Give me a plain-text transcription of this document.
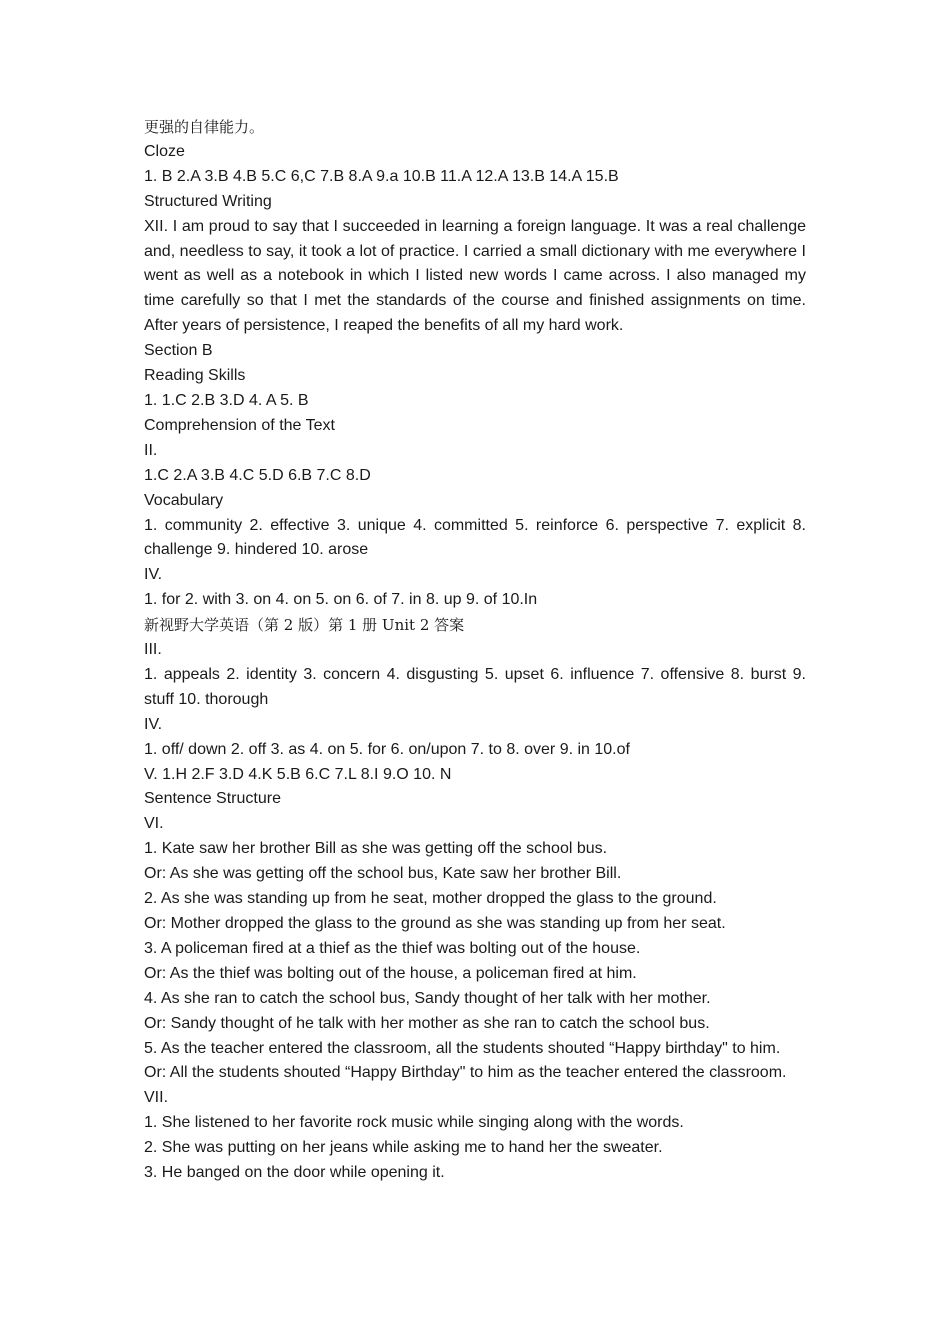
更强的自律能力。
Cloze
1. B 2.A 3.B 4.B 5.C 6,C 7.B 8.A 9.a 10.B 11.A 12.A 13.B 14.A 15.B
Structured Writing
XII. I am proud to say that I succeeded in learning a foreign language. It was a real challenge and, needless to say, it took a lot of practice. I carried a small dictionary with me everywhere I went as well as a notebook in which I listed new words I came across. I also managed my time carefully so that I met the standards of the course and finished assignments on time. After years of persistence, I reaped the benefits of all my hard work.
Section B
Reading Skills
1. 1.C 2.B 3.D 4. A 5. B
Comprehension of the Text
II.
1.C 2.A 3.B 4.C 5.D 6.B 7.C 8.D
Vocabulary
1. community 2. effective 3. unique 4. committed 5. reinforce 6. perspective 7. explicit 8. challenge 9. hindered 10. arose
IV.
1. for 2. with 3. on 4. on 5. on 6. of 7. in 8. up 9. of 10.In
新视野大学英语（第 2 版）第 1 册 Unit 2 答案
III.
1. appeals 2. identity 3. concern 4. disgusting 5. upset 6. influence 7. offensive 8. burst 9. stuff 10. thorough
IV.
1. off/ down 2. off 3. as 4. on 5. for 6. on/upon 7. to 8. over 9. in 10.of
V. 1.H 2.F 3.D 4.K 5.B 6.C 7.L 8.I 9.O 10. N
Sentence Structure
VI.
1. Kate saw her brother Bill as she was getting off the school bus.
Or: As she was getting off the school bus, Kate saw her brother Bill.
2. As she was standing up from he seat, mother dropped the glass to the ground.
Or: Mother dropped the glass to the ground as she was standing up from her seat.
3. A policeman fired at a thief as the thief was bolting out of the house.
Or: As the thief was bolting out of the house, a policeman fired at him.
4. As she ran to catch the school bus, Sandy thought of her talk with her mother.
Or: Sandy thought of he talk with her mother as she ran to catch the school bus.
5. As the teacher entered the classroom, all the students shouted “Happy birthday" to him.
Or: All the students shouted “Happy Birthday" to him as the teacher entered the classroom.
VII.
1. She listened to her favorite rock music while singing along with the words.
2. She was putting on her jeans while asking me to hand her the sweater.
3. He banged on the door while opening it.
